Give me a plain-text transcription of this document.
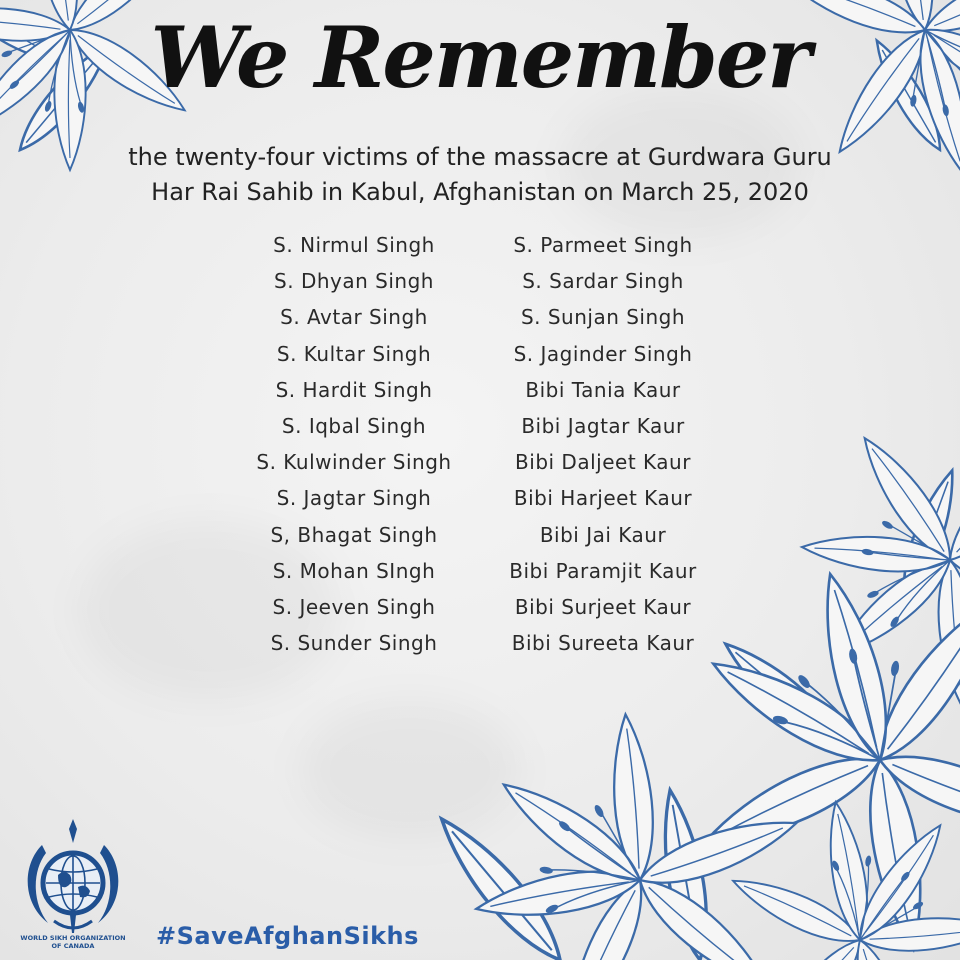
We Remember
the twenty-four victims of the massacre at Gurdwara Guru
Har Rai Sahib in Kabul, Afghanistan on March 25, 2020
S. Nirmul Singh
S. Dhyan Singh
S. Avtar Singh
S. Kultar Singh
S. Hardit Singh
S. Iqbal Singh
S. Kulwinder Singh
S. Jagtar Singh
S, Bhagat Singh
S. Mohan SIngh
S. Jeeven Singh
S. Sunder Singh
S. Parmeet Singh
S. Sardar Singh
S. Sunjan Singh
S. Jaginder Singh
Bibi Tania Kaur
Bibi Jagtar Kaur
Bibi Daljeet Kaur
Bibi Harjeet Kaur
Bibi Jai Kaur
Bibi Paramjit Kaur
Bibi Surjeet Kaur
Bibi Sureeta Kaur
WORLD SIKH ORGANIZATION
OF CANADA	#SaveAfghanSikhs
